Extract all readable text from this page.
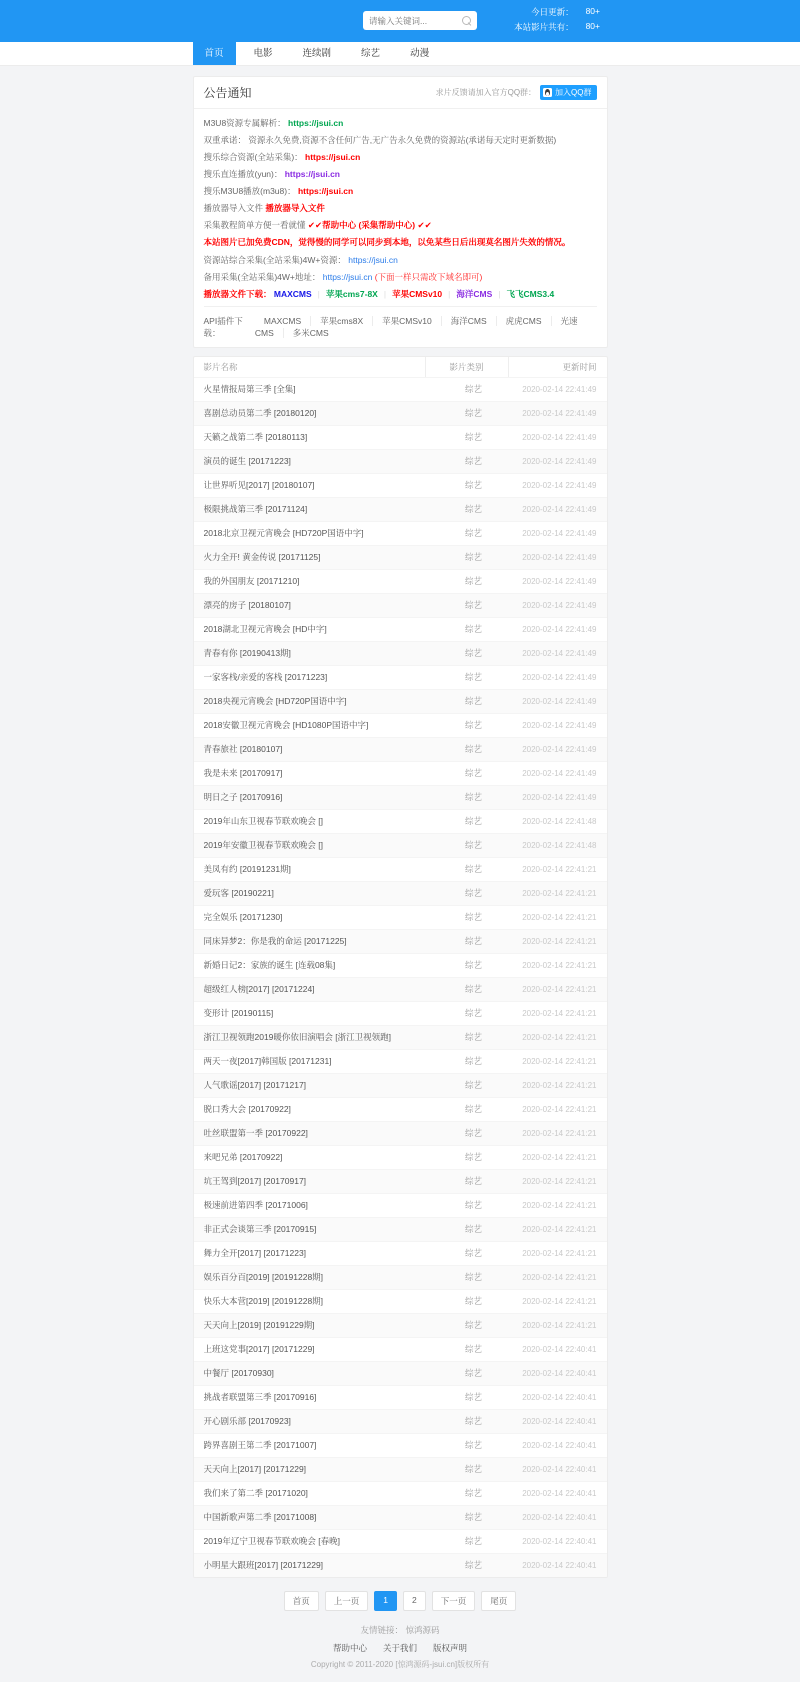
请输入关键词...
今日更新： 80+
本站影片共有： 80+
首页	电影	连续剧	综艺	动漫
公告通知	求片反馈请加入官方QQ群： 加入QQ群
M3U8资源专属解析： https://jsui.cn
双重承诺： 资源永久免费,资源不含任何广告,无广告永久免费的资源站(承诺每天定时更新数据)
搜乐综合资源(全站采集)： https://jsui.cn
搜乐直连播放(yun)： https://jsui.cn
搜乐M3U8播放(m3u8)： https://jsui.cn
播放器导入文件 播放器导入文件
采集教程简单方便一看就懂 ✔✔帮助中心 (采集帮助中心) ✔✔
本站图片已加免费CDN，觉得慢的同学可以同步到本地，以免某些日后出现莫名图片失效的情况。
资源站综合采集(全站采集)4W+资源： https://jsui.cn
备用采集(全站采集)4W+地址： https://jsui.cn (下面一样只需改下域名即可)
播放器文件下载： MAXCMS | 苹果cms7-8X | 苹果CMSv10 | 海洋CMS | 飞飞CMS3.4
API插件下载：
MAXCMS 苹果cms8X 苹果CMSv10 海洋CMS 虎虎CMS 光速CMS 多米CMS
影片名称	影片类别	更新时间
火星情报局第三季 [全集]	综艺	2020-02-14 22:41:49
喜剧总动员第二季 [20180120]	综艺	2020-02-14 22:41:49
天籁之战第二季 [20180113]	综艺	2020-02-14 22:41:49
演员的诞生 [20171223]	综艺	2020-02-14 22:41:49
让世界听见[2017] [20180107]	综艺	2020-02-14 22:41:49
极限挑战第三季 [20171124]	综艺	2020-02-14 22:41:49
2018北京卫视元宵晚会 [HD720P国语中字]	综艺	2020-02-14 22:41:49
火力全开! 黄金传说 [20171125]	综艺	2020-02-14 22:41:49
我的外国朋友 [20171210]	综艺	2020-02-14 22:41:49
漂亮的房子 [20180107]	综艺	2020-02-14 22:41:49
2018湖北卫视元宵晚会 [HD中字]	综艺	2020-02-14 22:41:49
青春有你 [20190413期]	综艺	2020-02-14 22:41:49
一家客栈/亲爱的客栈 [20171223]	综艺	2020-02-14 22:41:49
2018央视元宵晚会 [HD720P国语中字]	综艺	2020-02-14 22:41:49
2018安徽卫视元宵晚会 [HD1080P国语中字]	综艺	2020-02-14 22:41:49
青春旅社 [20180107]	综艺	2020-02-14 22:41:49
我是未来 [20170917]	综艺	2020-02-14 22:41:49
明日之子 [20170916]	综艺	2020-02-14 22:41:49
2019年山东卫视春节联欢晚会 []	综艺	2020-02-14 22:41:48
2019年安徽卫视春节联欢晚会 []	综艺	2020-02-14 22:41:48
美凤有约 [20191231期]	综艺	2020-02-14 22:41:21
爱玩客 [20190221]	综艺	2020-02-14 22:41:21
完全娱乐 [20171230]	综艺	2020-02-14 22:41:21
同床异梦2：你是我的命运 [20171225]	综艺	2020-02-14 22:41:21
新婚日记2：家族的诞生 [连载08集]	综艺	2020-02-14 22:41:21
超级红人榜[2017] [20171224]	综艺	2020-02-14 22:41:21
变形计 [20190115]	综艺	2020-02-14 22:41:21
浙江卫视领跑2019暖你依旧演唱会 [浙江卫视领跑]	综艺	2020-02-14 22:41:21
两天一夜[2017]韩国版 [20171231]	综艺	2020-02-14 22:41:21
人气歌谣[2017] [20171217]	综艺	2020-02-14 22:41:21
脱口秀大会 [20170922]	综艺	2020-02-14 22:41:21
吐丝联盟第一季 [20170922]	综艺	2020-02-14 22:41:21
来吧兄弟 [20170922]	综艺	2020-02-14 22:41:21
坑王驾到[2017] [20170917]	综艺	2020-02-14 22:41:21
极速前进第四季 [20171006]	综艺	2020-02-14 22:41:21
非正式会谈第三季 [20170915]	综艺	2020-02-14 22:41:21
舞力全开[2017] [20171223]	综艺	2020-02-14 22:41:21
娱乐百分百[2019] [20191228期]	综艺	2020-02-14 22:41:21
快乐大本营[2019] [20191228期]	综艺	2020-02-14 22:41:21
天天向上[2019] [20191229期]	综艺	2020-02-14 22:41:21
上班这党事[2017] [20171229]	综艺	2020-02-14 22:40:41
中餐厅 [20170930]	综艺	2020-02-14 22:40:41
挑战者联盟第三季 [20170916]	综艺	2020-02-14 22:40:41
开心剧乐部 [20170923]	综艺	2020-02-14 22:40:41
跨界喜剧王第二季 [20171007]	综艺	2020-02-14 22:40:41
天天向上[2017] [20171229]	综艺	2020-02-14 22:40:41
我们来了第二季 [20171020]	综艺	2020-02-14 22:40:41
中国新歌声第二季 [20171008]	综艺	2020-02-14 22:40:41
2019年辽宁卫视春节联欢晚会 [春晚]	综艺	2020-02-14 22:40:41
小明星大跟班[2017] [20171229]	综艺	2020-02-14 22:40:41
首页	上一页	1	2	下一页	尾页
友情链接： 惊鸿源码
帮助中心 关于我们 版权声明
Copyright © 2011-2020 [惊鸿源码-jsui.cn]版权所有
